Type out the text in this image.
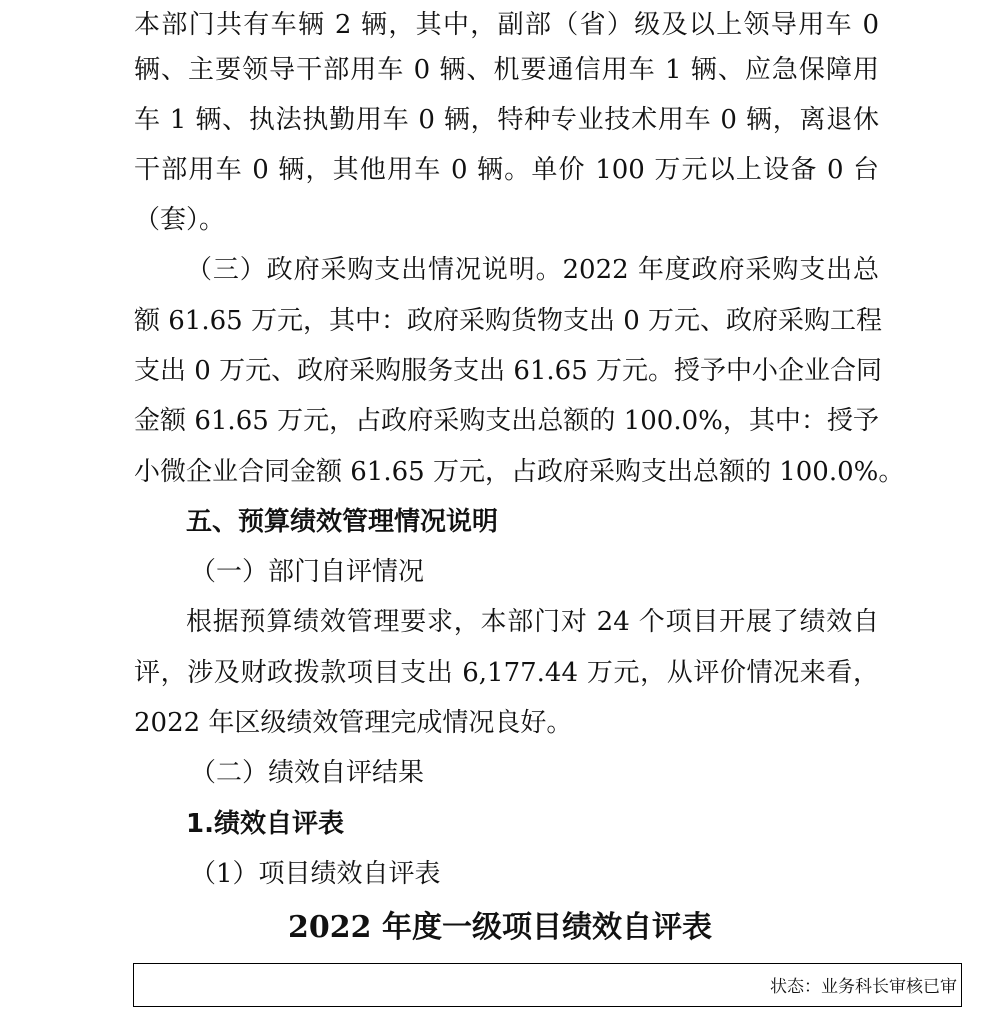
本部门共有车辆 2 辆，其中，副部（省）级及以上领导用车 0
辆、主要领导干部用车 0 辆、机要通信用车 1 辆、应急保障用
车 1 辆、执法执勤用车 0 辆，特种专业技术用车 0 辆，离退休
干部用车 0 辆，其他用车 0 辆。单价 100 万元以上设备 0 台
（套）。
（三）政府采购支出情况说明。2022 年度政府采购支出总
额 61.65 万元，其中：政府采购货物支出 0 万元、政府采购工程
支出 0 万元、政府采购服务支出 61.65 万元。授予中小企业合同
金额 61.65 万元，占政府采购支出总额的 100.0%，其中：授予
小微企业合同金额 61.65 万元，占政府采购支出总额的 100.0%。
五、预算绩效管理情况说明
（一）部门自评情况
根据预算绩效管理要求，本部门对 24 个项目开展了绩效自
评，涉及财政拨款项目支出 6,177.44 万元，从评价情况来看，
2022 年区级绩效管理完成情况良好。
（二）绩效自评结果
1.绩效自评表
（1）项目绩效自评表
2022 年度一级项目绩效自评表
状态：业务科长审核已审
